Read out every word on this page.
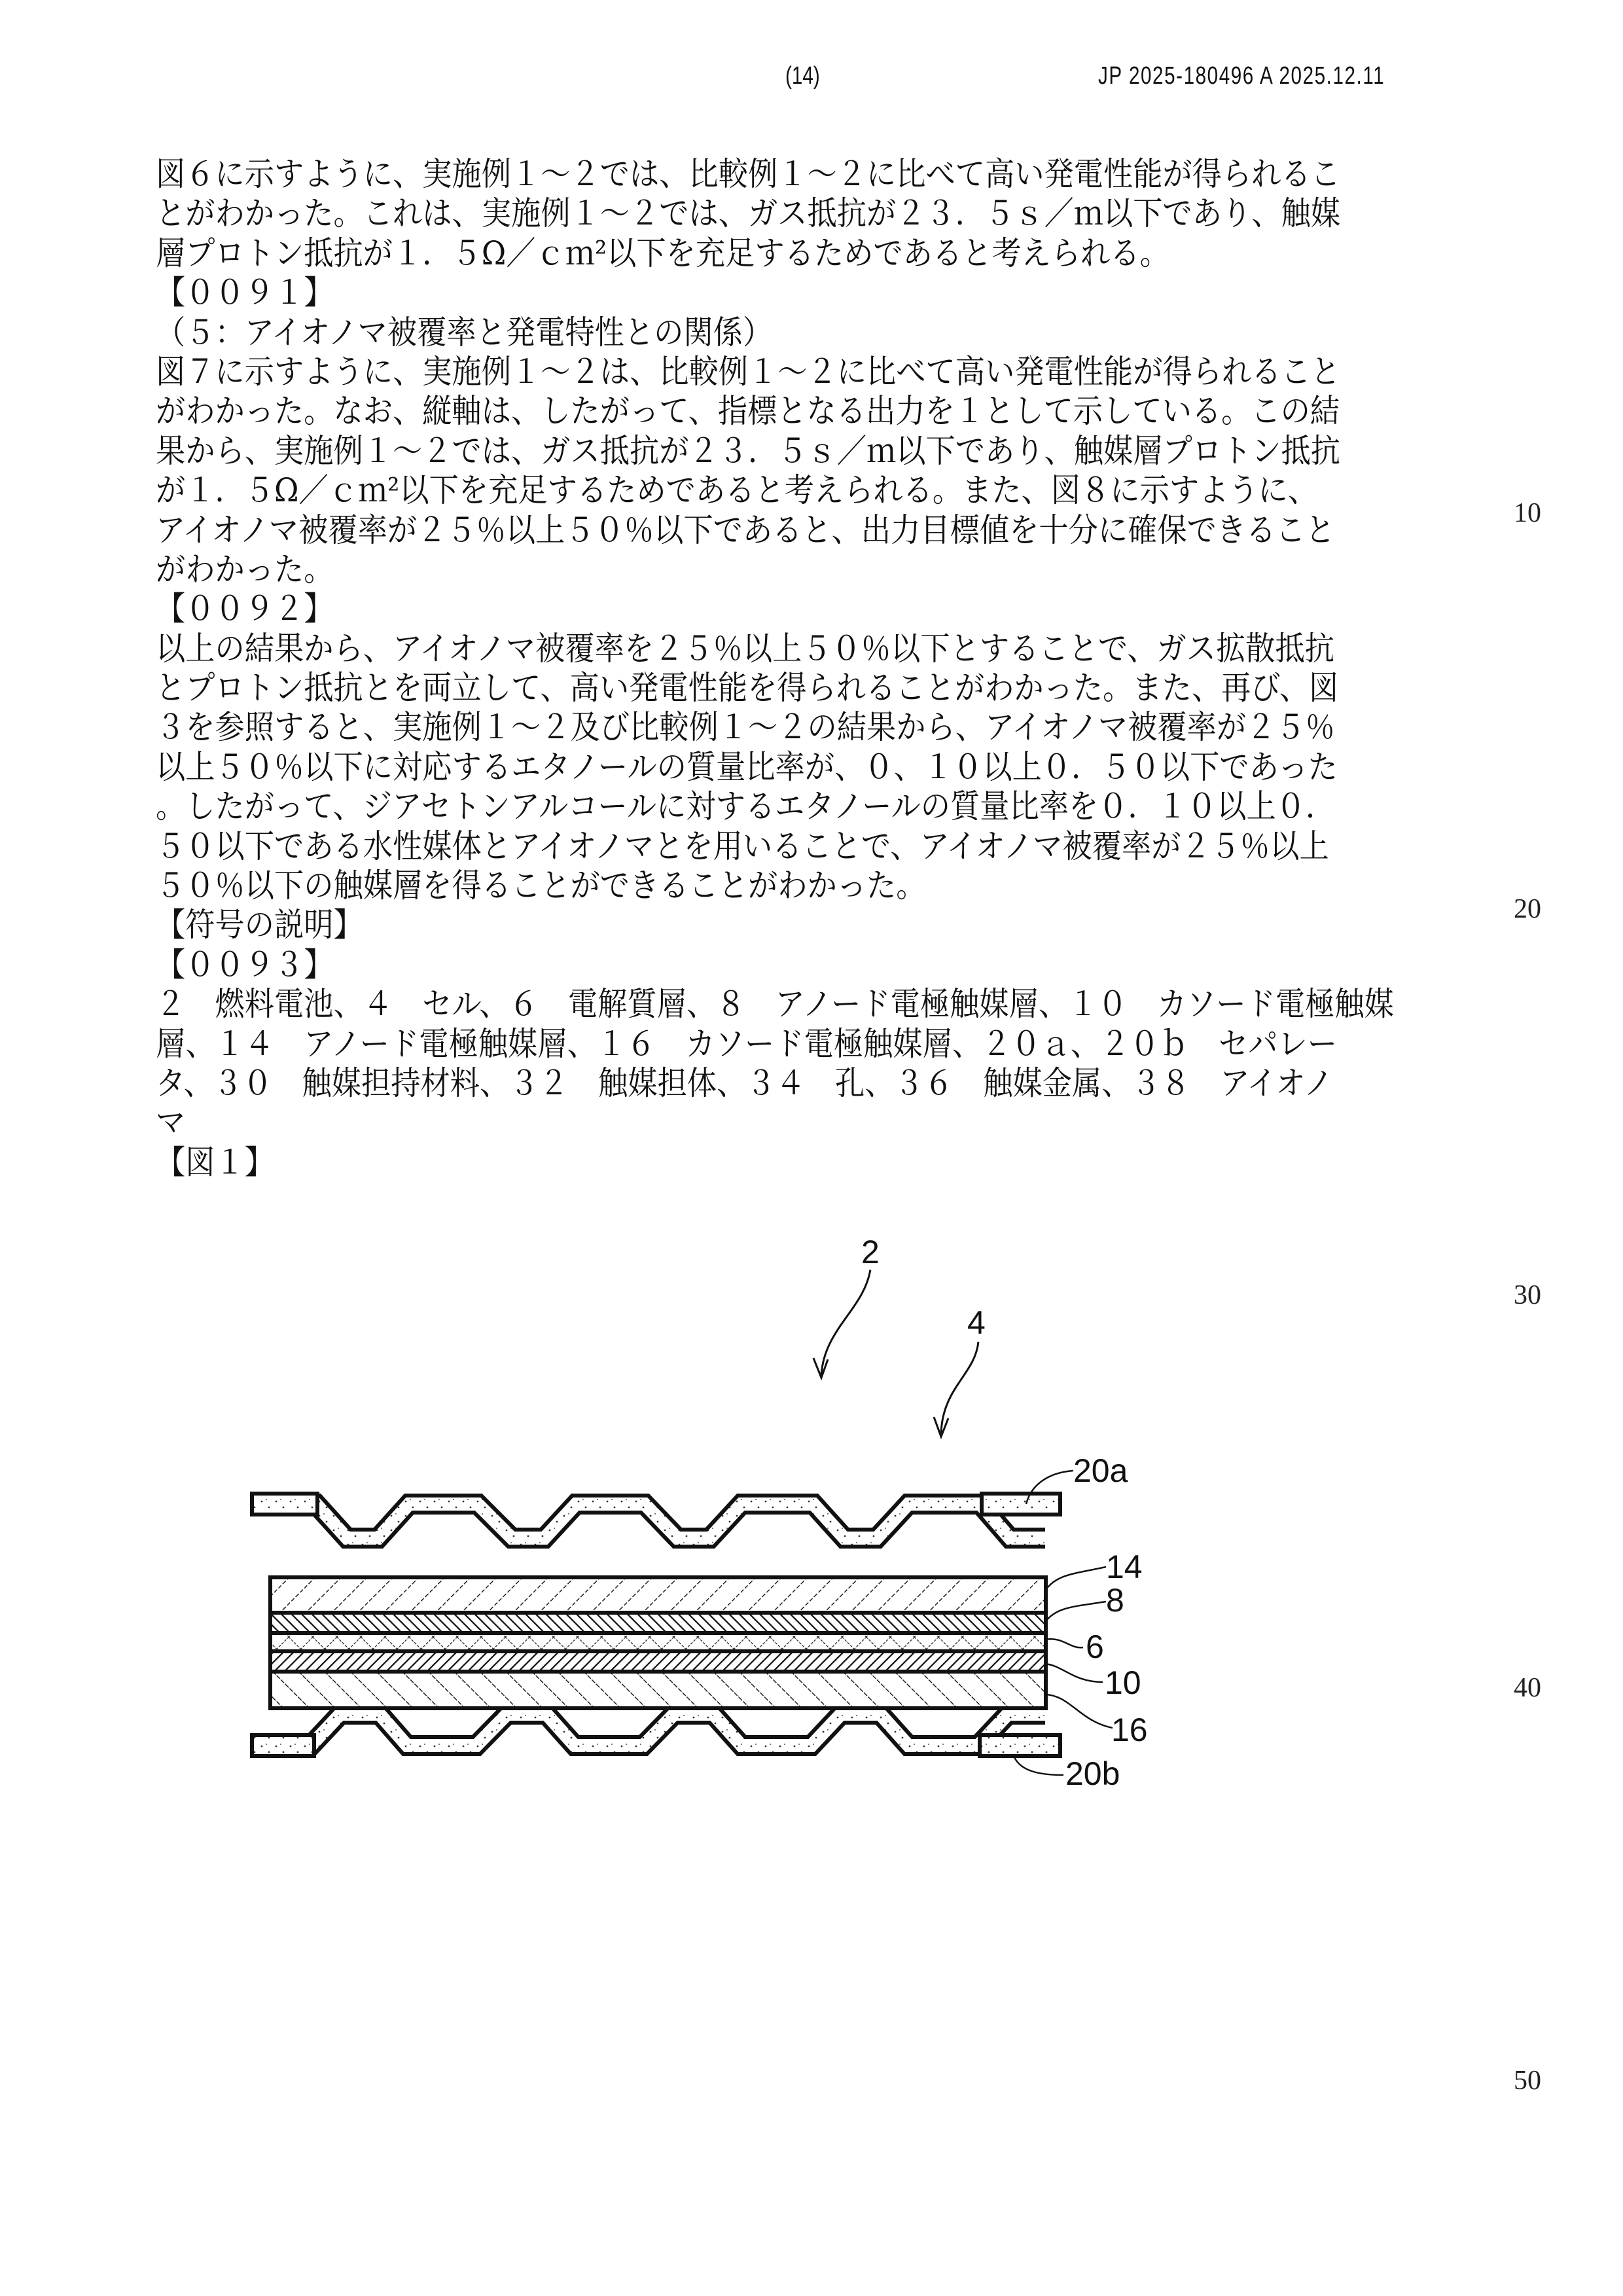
(14)	JP 2025-180496 A 2025.12.11
図６に示すように、実施例１～２では、比較例１～２に比べて高い発電性能が得られるこ
とがわかった。これは、実施例１～２では、ガス抵抗が２３．５ｓ／ｍ以下であり、触媒
層プロトン抵抗が１．５Ω／ｃｍ²以下を充足するためであると考えられる。
【００９１】
（５：アイオノマ被覆率と発電特性との関係）
図７に示すように、実施例１～２は、比較例１～２に比べて高い発電性能が得られること
がわかった。なお、縦軸は、したがって、指標となる出力を１として示している。この結
果から、実施例１～２では、ガス抵抗が２３．５ｓ／ｍ以下であり、触媒層プロトン抵抗
が１．５Ω／ｃｍ²以下を充足するためであると考えられる。また、図８に示すように、
アイオノマ被覆率が２５％以上５０％以下であると、出力目標値を十分に確保できること
がわかった。
【００９２】
以上の結果から、アイオノマ被覆率を２５％以上５０％以下とすることで、ガス拡散抵抗
とプロトン抵抗とを両立して、高い発電性能を得られることがわかった。また、再び、図
３を参照すると、実施例１～２及び比較例１～２の結果から、アイオノマ被覆率が２５％
以上５０％以下に対応するエタノールの質量比率が、０、１０以上０．５０以下であった
。したがって、ジアセトンアルコールに対するエタノールの質量比率を０．１０以上０．
５０以下である水性媒体とアイオノマとを用いることで、アイオノマ被覆率が２５％以上
５０％以下の触媒層を得ることができることがわかった。
【符号の説明】
【００９３】
２　燃料電池、４　セル、６　電解質層、８　アノード電極触媒層、１０　カソード電極触媒
層、１４　アノード電極触媒層、１６　カソード電極触媒層、２０ａ、２０ｂ　セパレー
タ、３０　触媒担持材料、３２　触媒担体、３４　孔、３６　触媒金属、３８　アイオノ
マ
【図１】
10
20
30
40
50
2
4
20a
14
8
6
10
16
20b
